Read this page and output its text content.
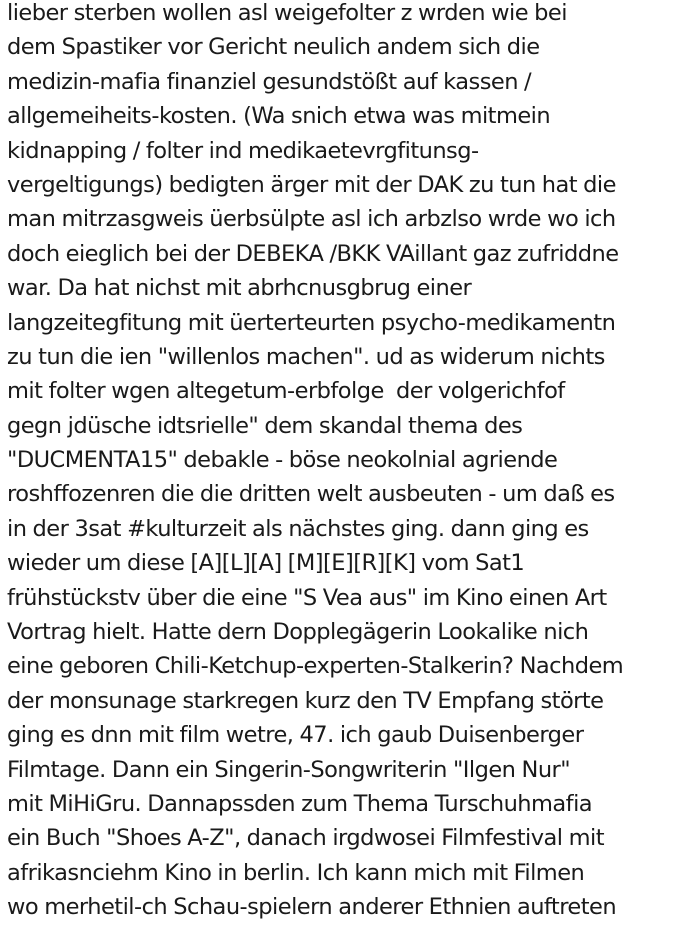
lieber sterben wollen asl weigefolter z wrden wie bei
dem Spastiker vor Gericht neulich andem sich die
medizin-mafia finanziel gesundstößt auf kassen /
allgemeiheits-kosten. (Wa snich etwa was mitmein
kidnapping / folter ind medikaetevrgfitunsg-
vergeltigungs) bedigten ärger mit der DAK zu tun hat die
man mitrzasgweis üerbsülpte asl ich arbzlso wrde wo ich
doch eieglich bei der DEBEKA /BKK VAillant gaz zufriddne
war. Da hat nichst mit abrhcnusgbrug einer
langzeitegfitung mit üerterteurten psycho-medikamentn
zu tun die ien "willenlos machen". ud as widerum nichts
mit folter wgen altegetum-erbfolge  der volgerichfof
gegn jdüsche idtsrielle" dem skandal thema des
"DUCMENTA15" debakle - böse neokolnial agriende
roshffozenren die die dritten welt ausbeuten - um daß es
in der 3sat #kulturzeit als nächstes ging. dann ging es
wieder um diese [A][L][A] [M][E][R][K] vom Sat1
frühstückstv über die eine "S Vea aus" im Kino einen Art
Vortrag hielt. Hatte dern Dopplegägerin Lookalike nich
eine geboren Chili-Ketchup-experten-Stalkerin? Nachdem
der monsunage starkregen kurz den TV Empfang störte
ging es dnn mit film wetre, 47. ich gaub Duisenberger
Filmtage. Dann ein Singerin-Songwriterin "Ilgen Nur"
mit MiHiGru. Dannapssden zum Thema Turschuhmafia
ein Buch "Shoes A-Z", danach irgdwosei Filmfestival mit
afrikasnciehm Kino in berlin. Ich kann mich mit Filmen
wo merhetil-ch Schau-spielern anderer Ethnien auftreten
